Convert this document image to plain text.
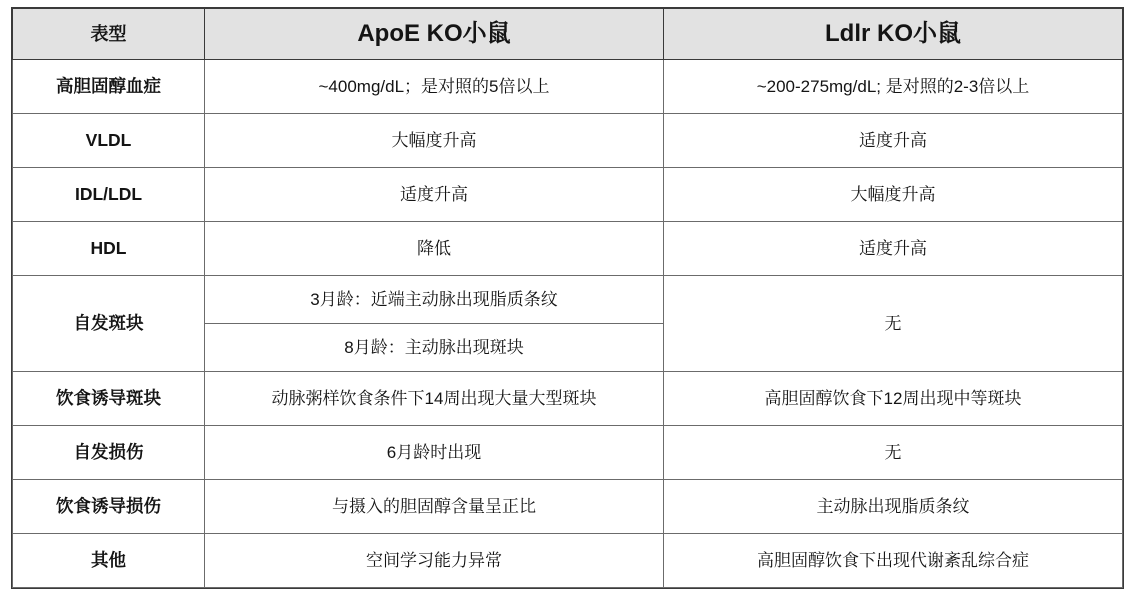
表型	ApoE KO小鼠	Ldlr KO小鼠
高胆固醇血症	~400mg/dL；是对照的5倍以上	~200-275mg/dL; 是对照的2-3倍以上
VLDL	大幅度升高	适度升高
IDL/LDL	适度升高	大幅度升高
HDL	降低	适度升高
自发斑块	3月龄：近端主动脉出现脂质条纹	无
	8月龄：主动脉出现斑块	
饮食诱导斑块	动脉粥样饮食条件下14周出现大量大型斑块	高胆固醇饮食下12周出现中等斑块
自发损伤	6月龄时出现	无
饮食诱导损伤	与摄入的胆固醇含量呈正比	主动脉出现脂质条纹
其他	空间学习能力异常	高胆固醇饮食下出现代谢紊乱综合症
